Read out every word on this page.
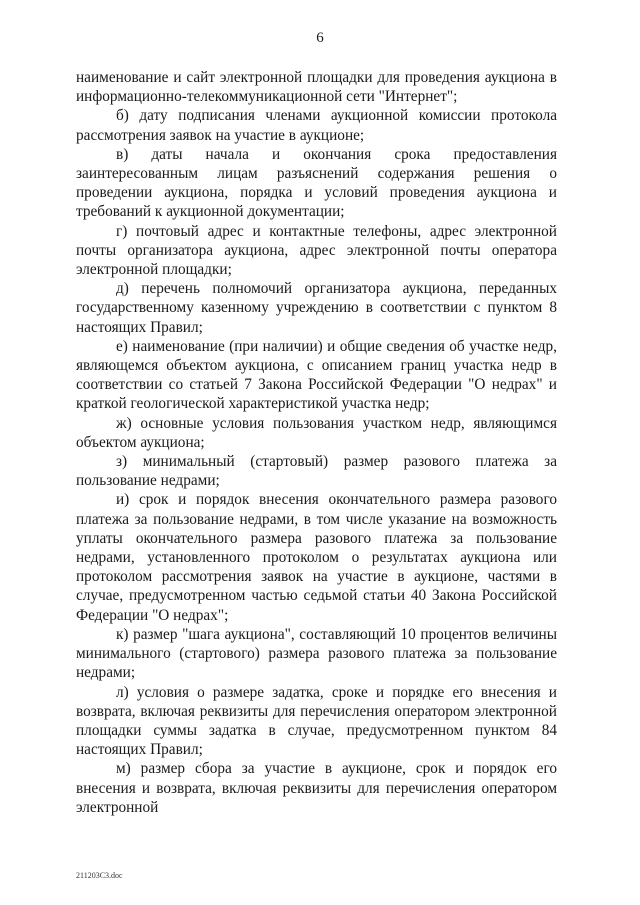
6

наименование и сайт электронной площадки для проведения аукциона в информационно-телекоммуникационной сети "Интернет";

б) дату подписания членами аукционной комиссии протокола рассмотрения заявок на участие в аукционе;

в) даты начала и окончания срока предоставления заинтересованным лицам разъяснений содержания решения о проведении аукциона, порядка и условий проведения аукциона и требований к аукционной документации;

г) почтовый адрес и контактные телефоны, адрес электронной почты организатора аукциона, адрес электронной почты оператора электронной площадки;

д) перечень полномочий организатора аукциона, переданных государственному казенному учреждению в соответствии с пунктом 8 настоящих Правил;

е) наименование (при наличии) и общие сведения об участке недр, являющемся объектом аукциона, с описанием границ участка недр в соответствии со статьей 7 Закона Российской Федерации "О недрах" и краткой геологической характеристикой участка недр;

ж) основные условия пользования участком недр, являющимся объектом аукциона;

з) минимальный (стартовый) размер разового платежа за пользование недрами;

и) срок и порядок внесения окончательного размера разового платежа за пользование недрами, в том числе указание на возможность уплаты окончательного размера разового платежа за пользование недрами, установленного протоколом о результатах аукциона или протоколом рассмотрения заявок на участие в аукционе, частями в случае, предусмотренном частью седьмой статьи 40 Закона Российской Федерации "О недрах";

к) размер "шага аукциона", составляющий 10 процентов величины минимального (стартового) размера разового платежа за пользование недрами;

л) условия о размере задатка, сроке и порядке его внесения и возврата, включая реквизиты для перечисления оператором электронной площадки суммы задатка в случае, предусмотренном пунктом 84 настоящих Правил;

м) размер сбора за участие в аукционе, срок и порядок его внесения и возврата, включая реквизиты для перечисления оператором электронной

211203C3.doc
